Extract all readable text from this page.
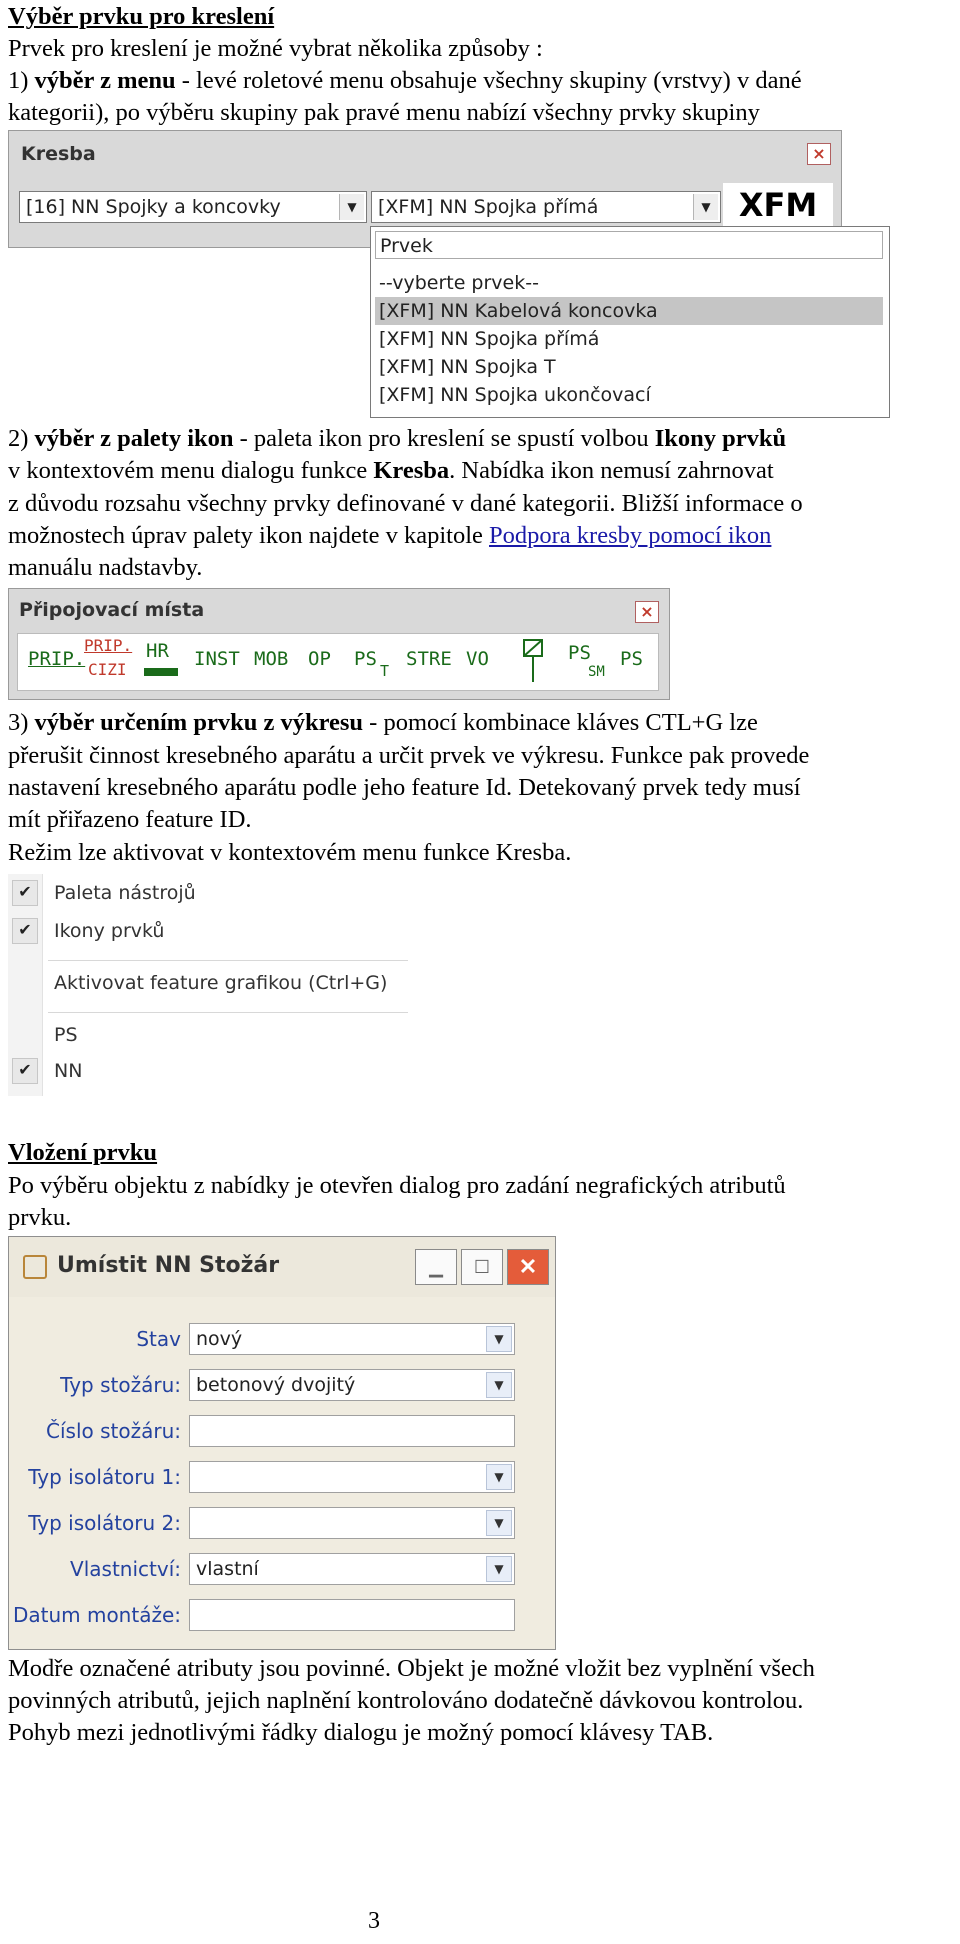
Výběr prvku pro kreslení
Prvek pro kreslení je možné vybrat několika způsoby :
1) výběr z menu - levé roletové menu obsahuje všechny skupiny (vrstvy) v dané
kategorii), po výběru skupiny pak pravé menu nabízí všechny prvky skupiny
Kresba	×
[16] NN Spojky a koncovky	▼	[XFM] NN Spojka přímá	▼ XFM
Prvek
--vyberte prvek--
[XFM] NN Kabelová koncovka
[XFM] NN Spojka přímá
[XFM] NN Spojka T
[XFM] NN Spojka ukončovací
2) výběr z palety ikon - paleta ikon pro kreslení se spustí volbou Ikony prvků
v kontextovém menu dialogu funkce Kresba. Nabídka ikon nemusí zahrnovat
z důvodu rozsahu všechny prvky definované v dané kategorii. Bližší informace o
možnostech úprav palety ikon najdete v kapitole Podpora kresby pomocí ikon
manuálu nadstavby.
Připojovací místa	×
PRIP.
PRIP.
CIZI
HR INST MOB OP PS
T
STRE VO	PS
SM
PS
3) výběr určením prvku z výkresu - pomocí kombinace kláves CTL+G lze
přerušit činnost kresebného aparátu a určit prvek ve výkresu. Funkce pak provede
nastavení kresebného aparátu podle jeho feature Id. Detekovaný prvek tedy musí
mít přiřazeno feature ID.
Režim lze aktivovat v kontextovém menu funkce Kresba.
✔	Paleta nástrojů
✔	Ikony prvků
Aktivovat feature grafikou (Ctrl+G)
PS
✔	NN
Vložení prvku
Po výběru objektu z nabídky je otevřen dialog pro zadání negrafických atributů
prvku.
Umístit NN Stožár	▁	☐	✕
Stav nový	▼
Typ stožáru: betonový dvojitý	▼
Číslo stožáru:
Typ isolátoru 1:	▼
Typ isolátoru 2:	▼
Vlastnictví: vlastní	▼
Datum montáže:
Modře označené atributy jsou povinné. Objekt je možné vložit bez vyplnění všech
povinných atributů, jejich naplnění kontrolováno dodatečně dávkovou kontrolou.
Pohyb mezi jednotlivými řádky dialogu je možný pomocí klávesy TAB.
3
